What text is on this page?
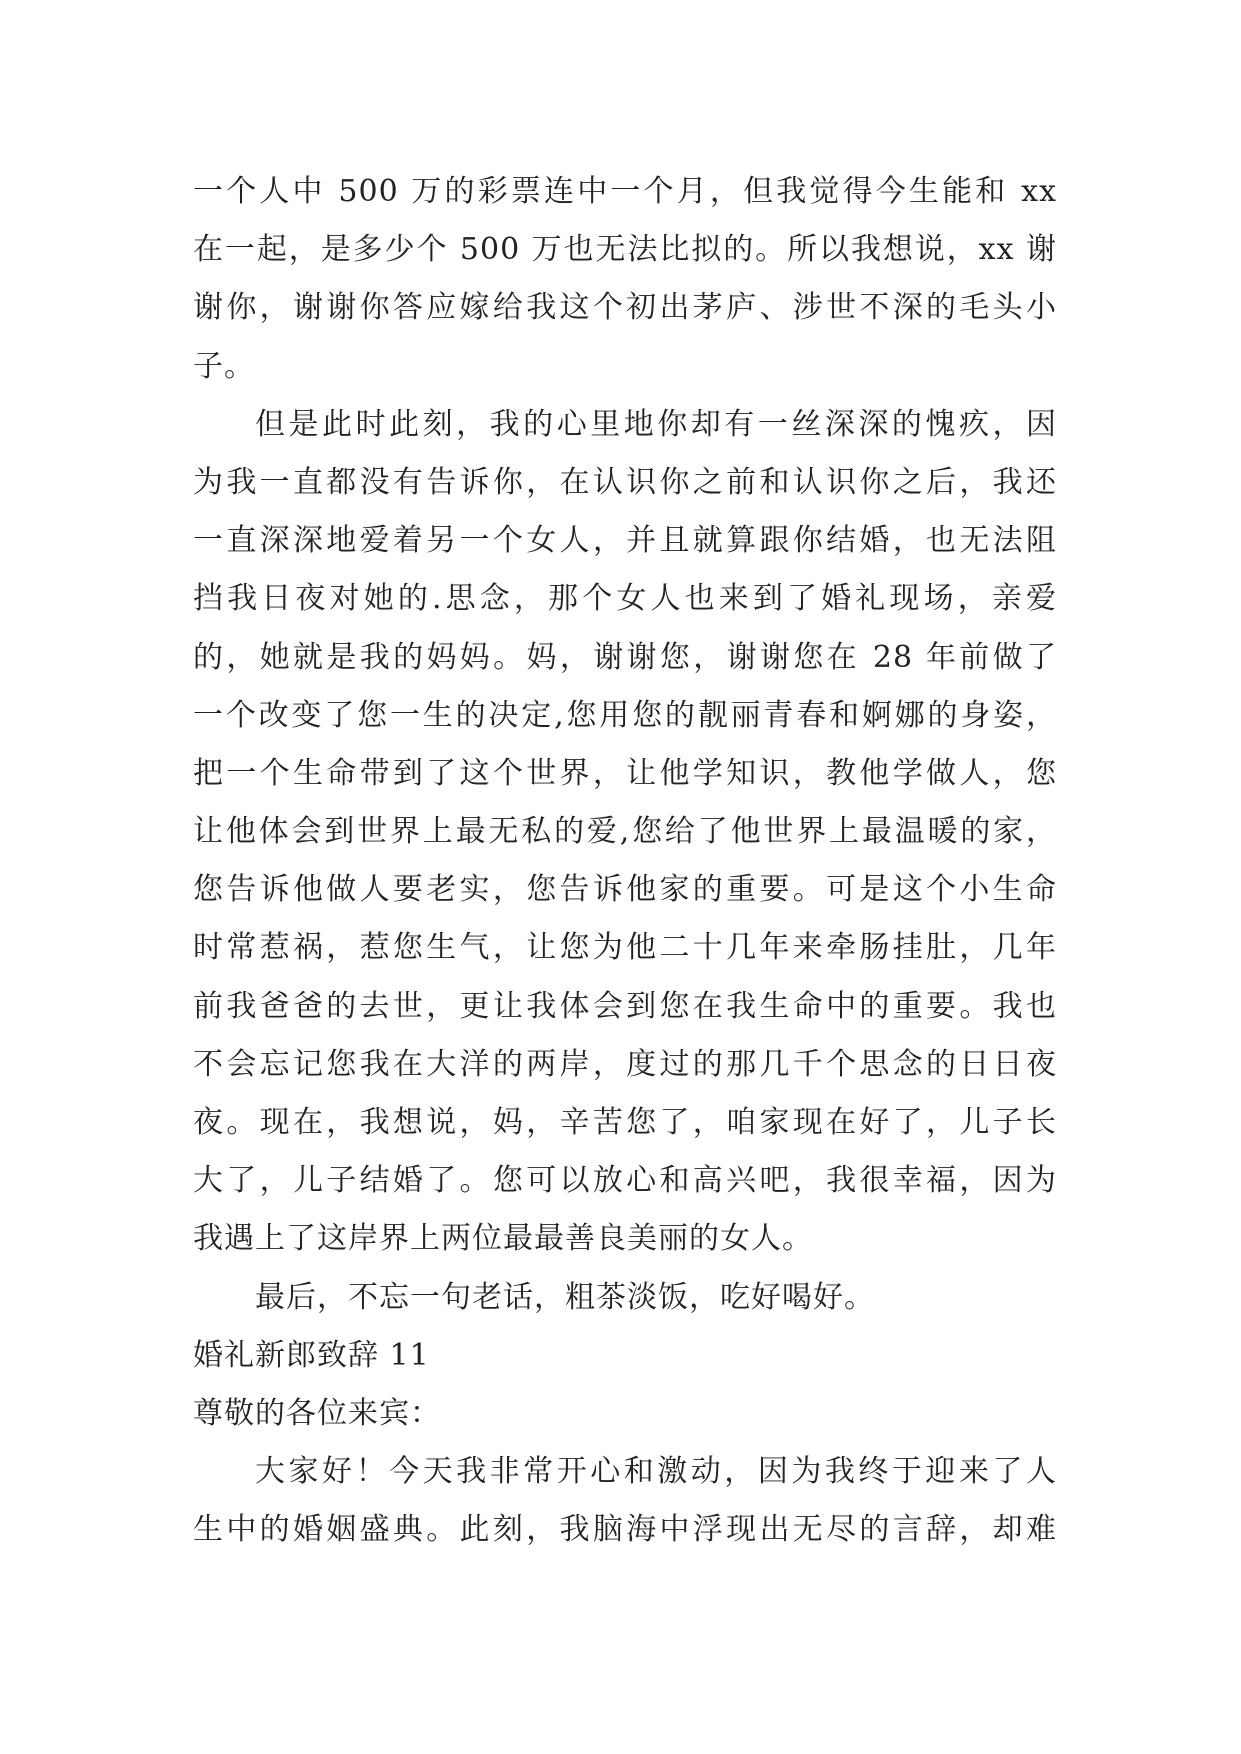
一个人中 500 万的彩票连中一个月，但我觉得今生能和 xx
在一起，是多少个 500 万也无法比拟的。所以我想说，xx 谢
谢你，谢谢你答应嫁给我这个初出茅庐、涉世不深的毛头小
子。
但是此时此刻，我的心里地你却有一丝深深的愧疚，因
为我一直都没有告诉你，在认识你之前和认识你之后，我还
一直深深地爱着另一个女人，并且就算跟你结婚，也无法阻
挡我日夜对她的.思念，那个女人也来到了婚礼现场，亲爱
的，她就是我的妈妈。妈，谢谢您，谢谢您在 28 年前做了
一个改变了您一生的决定,您用您的靓丽青春和婀娜的身姿，
把一个生命带到了这个世界，让他学知识，教他学做人，您
让他体会到世界上最无私的爱,您给了他世界上最温暖的家，
您告诉他做人要老实，您告诉他家的重要。可是这个小生命
时常惹祸，惹您生气，让您为他二十几年来牵肠挂肚，几年
前我爸爸的去世，更让我体会到您在我生命中的重要。我也
不会忘记您我在大洋的两岸，度过的那几千个思念的日日夜
夜。现在，我想说，妈，辛苦您了，咱家现在好了，儿子长
大了，儿子结婚了。您可以放心和高兴吧，我很幸福，因为
我遇上了这岸界上两位最最善良美丽的女人。
最后，不忘一句老话，粗茶淡饭，吃好喝好。
婚礼新郎致辞 11
尊敬的各位来宾：
大家好！今天我非常开心和激动，因为我终于迎来了人
生中的婚姻盛典。此刻，我脑海中浮现出无尽的言辞，却难
